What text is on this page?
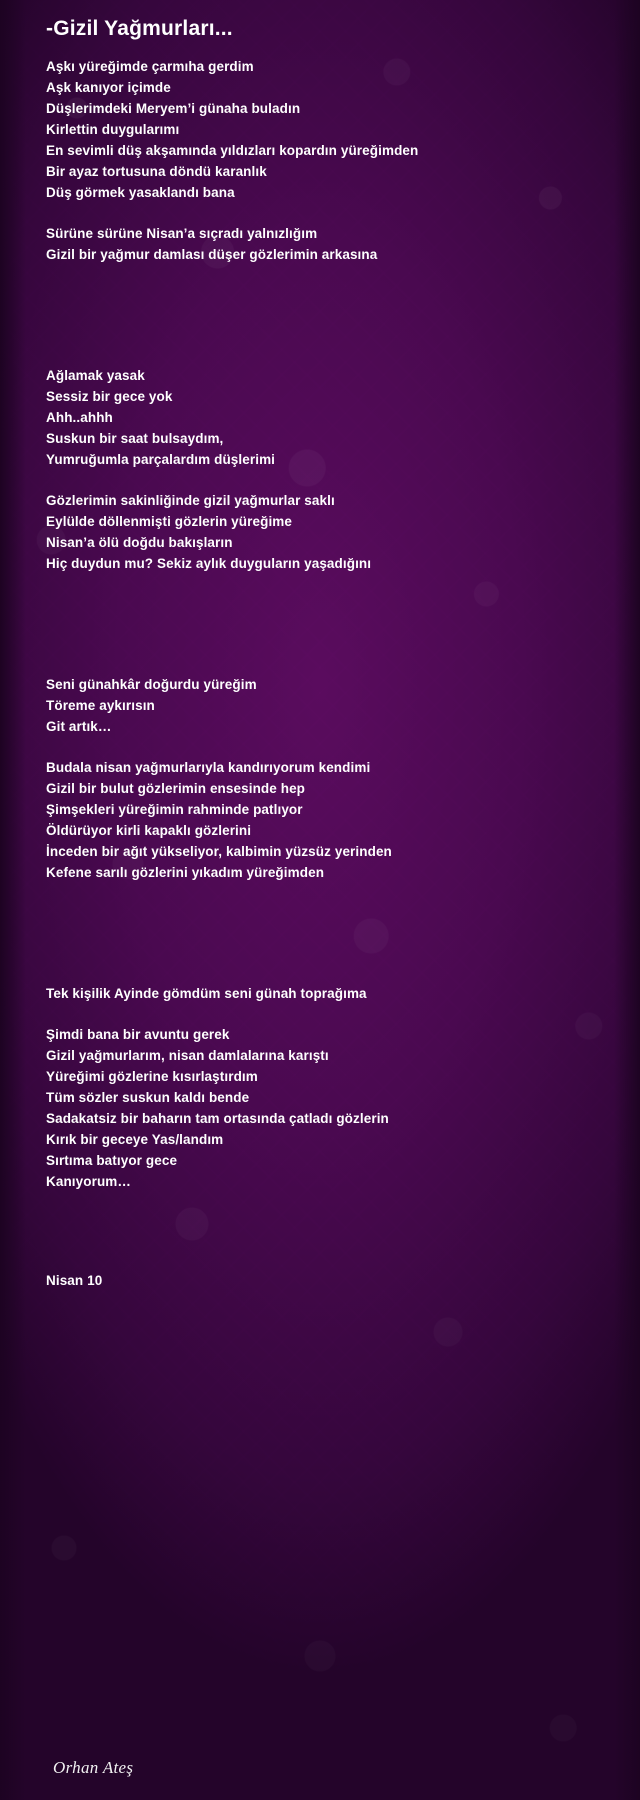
-Gizil Yağmurları...
Aşkı yüreğimde çarmıha gerdim
Aşk kanıyor içimde
Düşlerimdeki Meryem’i günaha buladın
Kirlettin duygularımı
En sevimli düş akşamında yıldızları kopardın yüreğimden
Bir ayaz tortusuna döndü karanlık
Düş görmek yasaklandı bana
Sürüne sürüne Nisan’a sıçradı yalnızlığım
Gizil bir yağmur damlası düşer gözlerimin arkasına
Ağlamak yasak
Sessiz bir gece yok
Ahh..ahhh
Suskun bir saat bulsaydım,
Yumruğumla parçalardım düşlerimi
Gözlerimin sakinliğinde gizil yağmurlar saklı
Eylülde döllenmişti gözlerin yüreğime
Nisan’a ölü doğdu bakışların
Hiç duydun mu? Sekiz aylık duyguların yaşadığını
Seni günahkâr doğurdu yüreğim
Töreme aykırısın
Git artık…
Budala nisan yağmurlarıyla kandırıyorum kendimi
Gizil bir bulut gözlerimin ensesinde hep
Şimşekleri yüreğimin rahminde patlıyor
Öldürüyor kirli kapaklı gözlerini
İnceden bir ağıt yükseliyor, kalbimin yüzsüz yerinden
Kefene sarılı gözlerini yıkadım yüreğimden
Tek kişilik Ayinde gömdüm seni günah toprağıma
Şimdi bana bir avuntu gerek
Gizil yağmurlarım, nisan damlalarına karıştı
Yüreğimi gözlerine kısırlaştırdım
Tüm sözler suskun kaldı bende
Sadakatsiz bir baharın tam ortasında çatladı gözlerin
Kırık bir geceye Yas/landım
Sırtıma batıyor gece
Kanıyorum…
Nisan 10
Orhan Ateş
